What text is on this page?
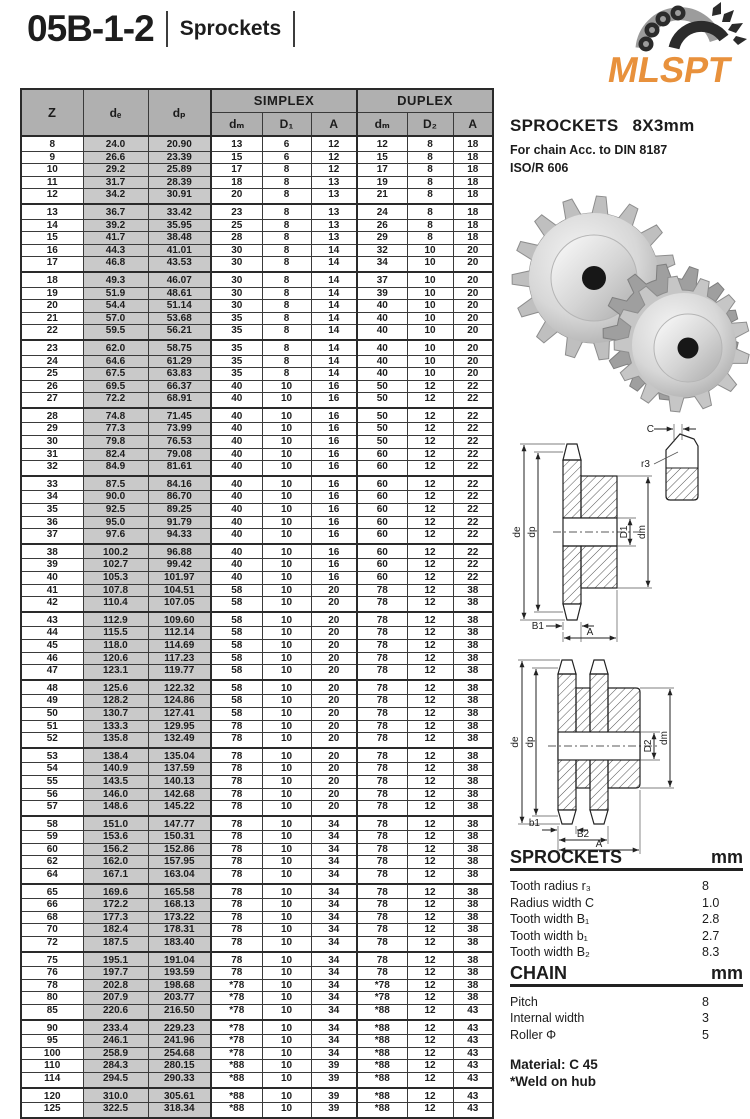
05B-1-2 Sprockets
MLSPT
Z	dₑ	dₚ	SIMPLEX			DUPLEX		
			dₘ	D₁	A	dₘ	D₂	A
8	24.0	20.90	13	6	12	12	8	18
9	26.6	23.39	15	6	12	15	8	18
10	29.2	25.89	17	8	12	17	8	18
11	31.7	28.39	18	8	13	19	8	18
12	34.2	30.91	20	8	13	21	8	18
13	36.7	33.42	23	8	13	24	8	18
14	39.2	35.95	25	8	13	26	8	18
15	41.7	38.48	28	8	13	29	8	18
16	44.3	41.01	30	8	14	32	10	20
17	46.8	43.53	30	8	14	34	10	20
18	49.3	46.07	30	8	14	37	10	20
19	51.9	48.61	30	8	14	39	10	20
20	54.4	51.14	30	8	14	40	10	20
21	57.0	53.68	35	8	14	40	10	20
22	59.5	56.21	35	8	14	40	10	20
23	62.0	58.75	35	8	14	40	10	20
24	64.6	61.29	35	8	14	40	10	20
25	67.5	63.83	35	8	14	40	10	20
26	69.5	66.37	40	10	16	50	12	22
27	72.2	68.91	40	10	16	50	12	22
28	74.8	71.45	40	10	16	50	12	22
29	77.3	73.99	40	10	16	50	12	22
30	79.8	76.53	40	10	16	50	12	22
31	82.4	79.08	40	10	16	60	12	22
32	84.9	81.61	40	10	16	60	12	22
33	87.5	84.16	40	10	16	60	12	22
34	90.0	86.70	40	10	16	60	12	22
35	92.5	89.25	40	10	16	60	12	22
36	95.0	91.79	40	10	16	60	12	22
37	97.6	94.33	40	10	16	60	12	22
38	100.2	96.88	40	10	16	60	12	22
39	102.7	99.42	40	10	16	60	12	22
40	105.3	101.97	40	10	16	60	12	22
41	107.8	104.51	58	10	20	78	12	38
42	110.4	107.05	58	10	20	78	12	38
43	112.9	109.60	58	10	20	78	12	38
44	115.5	112.14	58	10	20	78	12	38
45	118.0	114.69	58	10	20	78	12	38
46	120.6	117.23	58	10	20	78	12	38
47	123.1	119.77	58	10	20	78	12	38
48	125.6	122.32	58	10	20	78	12	38
49	128.2	124.86	58	10	20	78	12	38
50	130.7	127.41	58	10	20	78	12	38
51	133.3	129.95	78	10	20	78	12	38
52	135.8	132.49	78	10	20	78	12	38
53	138.4	135.04	78	10	20	78	12	38
54	140.9	137.59	78	10	20	78	12	38
55	143.5	140.13	78	10	20	78	12	38
56	146.0	142.68	78	10	20	78	12	38
57	148.6	145.22	78	10	20	78	12	38
58	151.0	147.77	78	10	34	78	12	38
59	153.6	150.31	78	10	34	78	12	38
60	156.2	152.86	78	10	34	78	12	38
62	162.0	157.95	78	10	34	78	12	38
64	167.1	163.04	78	10	34	78	12	38
65	169.6	165.58	78	10	34	78	12	38
66	172.2	168.13	78	10	34	78	12	38
68	177.3	173.22	78	10	34	78	12	38
70	182.4	178.31	78	10	34	78	12	38
72	187.5	183.40	78	10	34	78	12	38
75	195.1	191.04	78	10	34	78	12	38
76	197.7	193.59	78	10	34	78	12	38
78	202.8	198.68	*78	10	34	*78	12	38
80	207.9	203.77	*78	10	34	*78	12	38
85	220.6	216.50	*78	10	34	*88	12	43
90	233.4	229.23	*78	10	34	*88	12	43
95	246.1	241.96	*78	10	34	*88	12	43
100	258.9	254.68	*78	10	34	*88	12	43
110	284.3	280.15	*88	10	39	*88	12	43
114	294.5	290.33	*88	10	39	*88	12	43
120	310.0	305.61	*88	10	39	*88	12	43
125	322.5	318.34	*88	10	39	*88	12	43
SPROCKETS 8X3mm
For chain Acc. to DIN 8187
ISO/R 606
C
r3
de dp	D1 dm
B1
A
de dp	D2
dm
b1
B2
A
SPROCKETS	mm
Tooth radius r₃	8
Radius width C	1.0
Tooth width B₁	2.8
Tooth width b₁	2.7
Tooth width B₂	8.3
CHAIN	mm
Pitch	8
Internal width	3
Roller Φ	5
Material: C 45
*Weld on hub
